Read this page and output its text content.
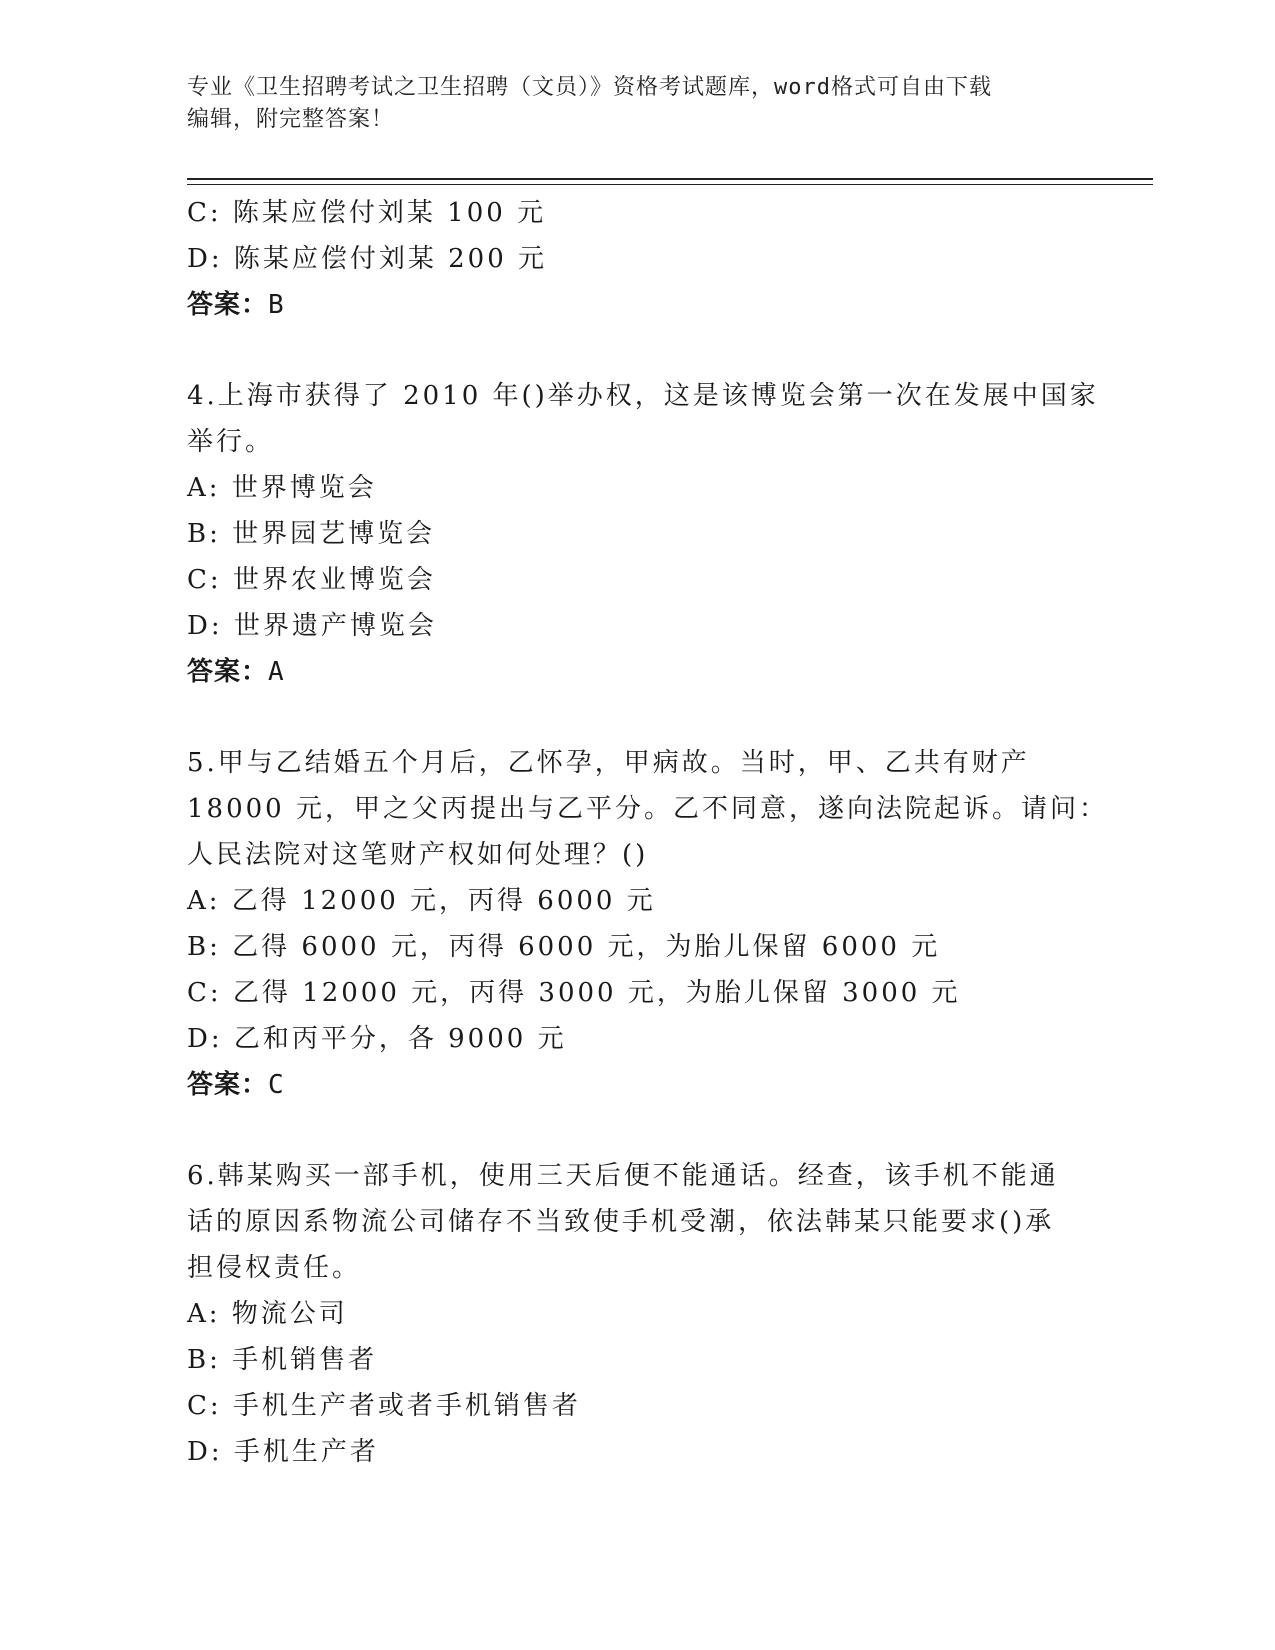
专业《卫生招聘考试之卫生招聘（文员）》资格考试题库，word格式可自由下载
编辑，附完整答案！
C: 陈某应偿付刘某 100 元
D: 陈某应偿付刘某 200 元
答案：B
4.上海市获得了 2010 年()举办权，这是该博览会第一次在发展中国家
举行。
A: 世界博览会
B: 世界园艺博览会
C: 世界农业博览会
D: 世界遗产博览会
答案：A
5.甲与乙结婚五个月后，乙怀孕，甲病故。当时，甲、乙共有财产
18000 元，甲之父丙提出与乙平分。乙不同意，遂向法院起诉。请问：
人民法院对这笔财产权如何处理？()
A: 乙得 12000 元，丙得 6000 元
B: 乙得 6000 元，丙得 6000 元，为胎儿保留 6000 元
C: 乙得 12000 元，丙得 3000 元，为胎儿保留 3000 元
D: 乙和丙平分，各 9000 元
答案：C
6.韩某购买一部手机，使用三天后便不能通话。经查，该手机不能通
话的原因系物流公司储存不当致使手机受潮，依法韩某只能要求()承
担侵权责任。
A: 物流公司
B: 手机销售者
C: 手机生产者或者手机销售者
D: 手机生产者
